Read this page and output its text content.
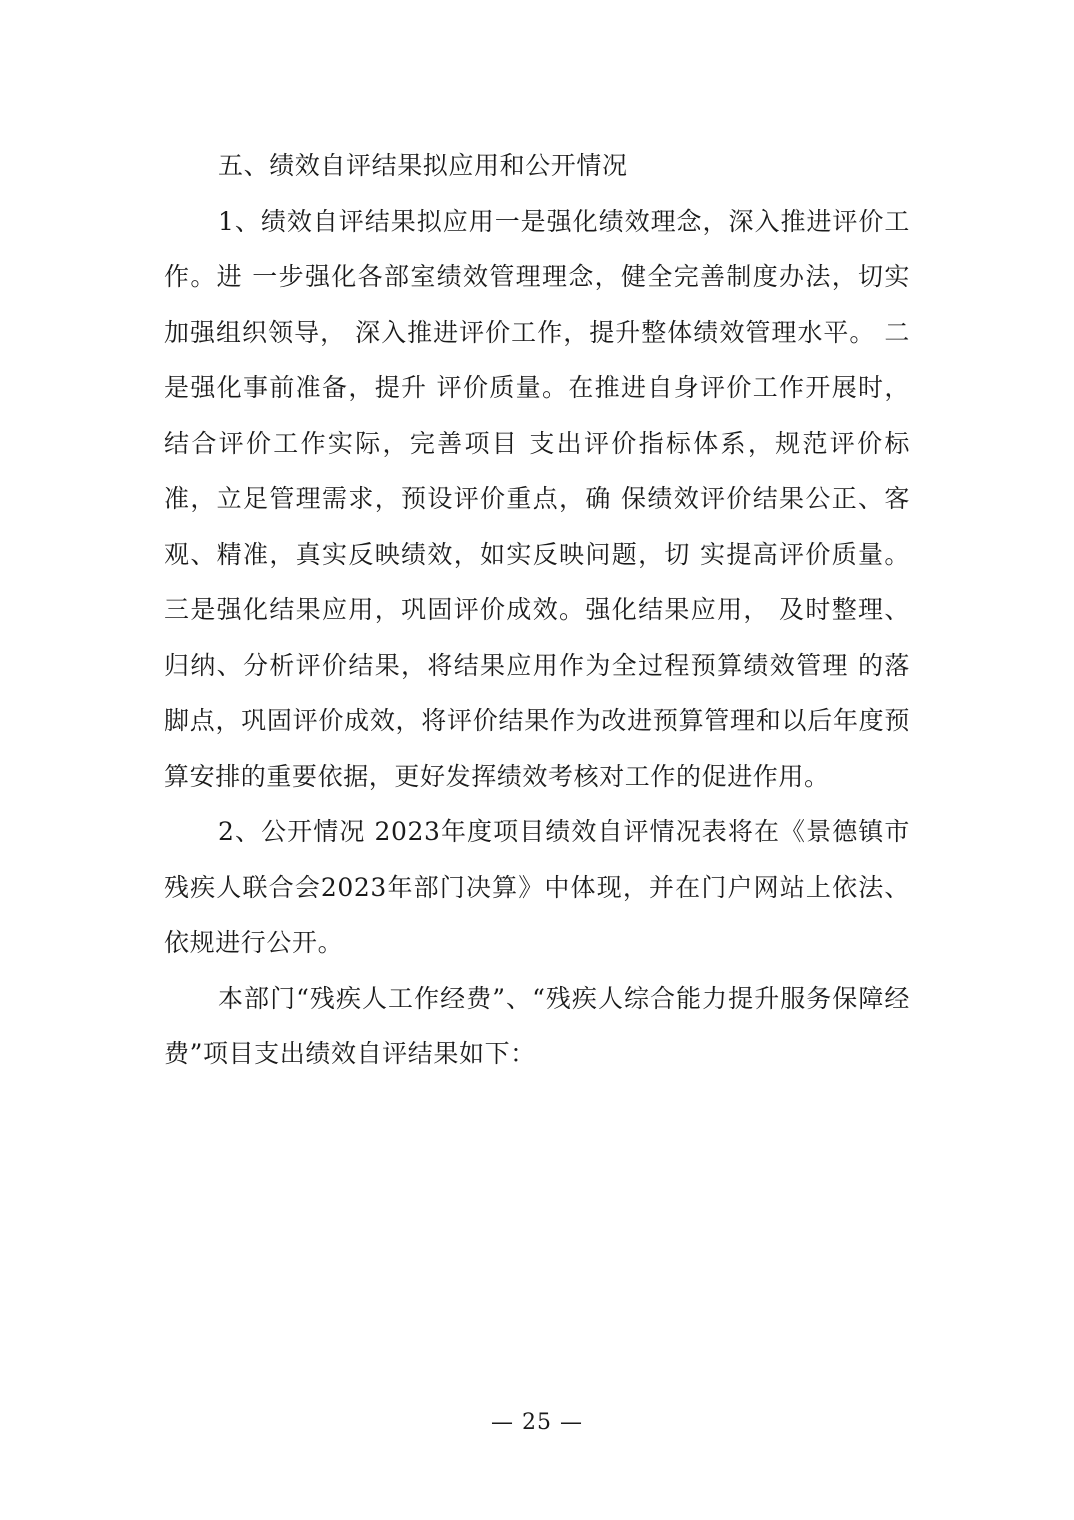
五、绩效自评结果拟应用和公开情况

1、绩效自评结果拟应用一是强化绩效理念，深入推进评价工作。进 一步强化各部室绩效管理理念，健全完善制度办法，切实加强组织领导， 深入推进评价工作，提升整体绩效管理水平。 二是强化事前准备，提升 评价质量。在推进自身评价工作开展时，结合评价工作实际，完善项目 支出评价指标体系，规范评价标准，立足管理需求，预设评价重点，确 保绩效评价结果公正、客观、精准，真实反映绩效，如实反映问题，切 实提高评价质量。 三是强化结果应用，巩固评价成效。强化结果应用， 及时整理、归纳、分析评价结果，将结果应用作为全过程预算绩效管理 的落脚点，巩固评价成效，将评价结果作为改进预算管理和以后年度预算安排的重要依据，更好发挥绩效考核对工作的促进作用。

2、公开情况 2023年度项目绩效自评情况表将在《景德镇市残疾人联合会2023年部门决算》中体现，并在门户网站上依法、依规进行公开。

本部门“残疾人工作经费”、“残疾人综合能力提升服务保障经费”项目支出绩效自评结果如下：

— 25 —
